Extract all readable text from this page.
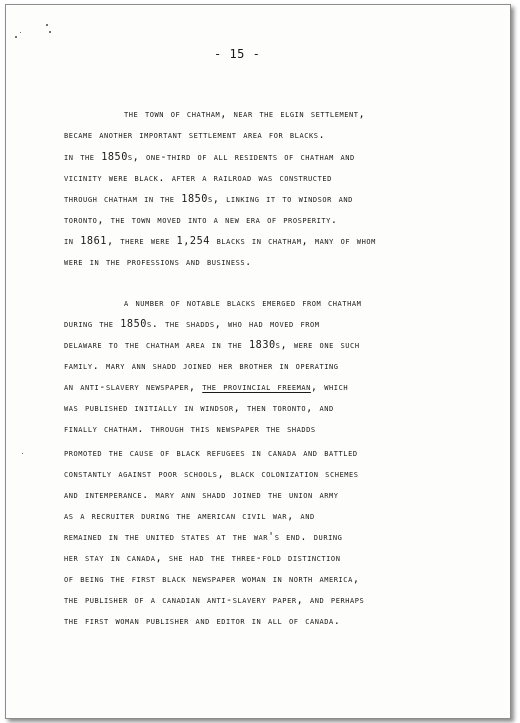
- 15 -
the town of chatham, near the elgin settlement,
became another important settlement area for blacks.
in the 1850s, one-third of all residents of chatham and
vicinity were black. after a railroad was constructed
through chatham in the 1850s, linking it to windsor and
toronto, the town moved into a new era of prosperity.
in 1861, there were 1,254 blacks in chatham, many of whom
were in the professions and business.
a number of notable blacks emerged from chatham
during the 1850s. the shadds, who had moved from
delaware to the chatham area in the 1830s, were one such
family. mary ann shadd joined her brother in operating
an anti-slavery newspaper, the provincial freeman, which
was published initially in windsor, then toronto, and
finally chatham. through this newspaper the shadds
promoted the cause of black refugees in canada and battled
constantly against poor schools, black colonization schemes
and intemperance. mary ann shadd joined the union army
as a recruiter during the american civil war, and
remained in the united states at the war's end. during
her stay in canada, she had the three-fold distinction
of being the first black newspaper woman in north america,
the publisher of a canadian anti-slavery paper, and perhaps
the first woman publisher and editor in all of canada.
